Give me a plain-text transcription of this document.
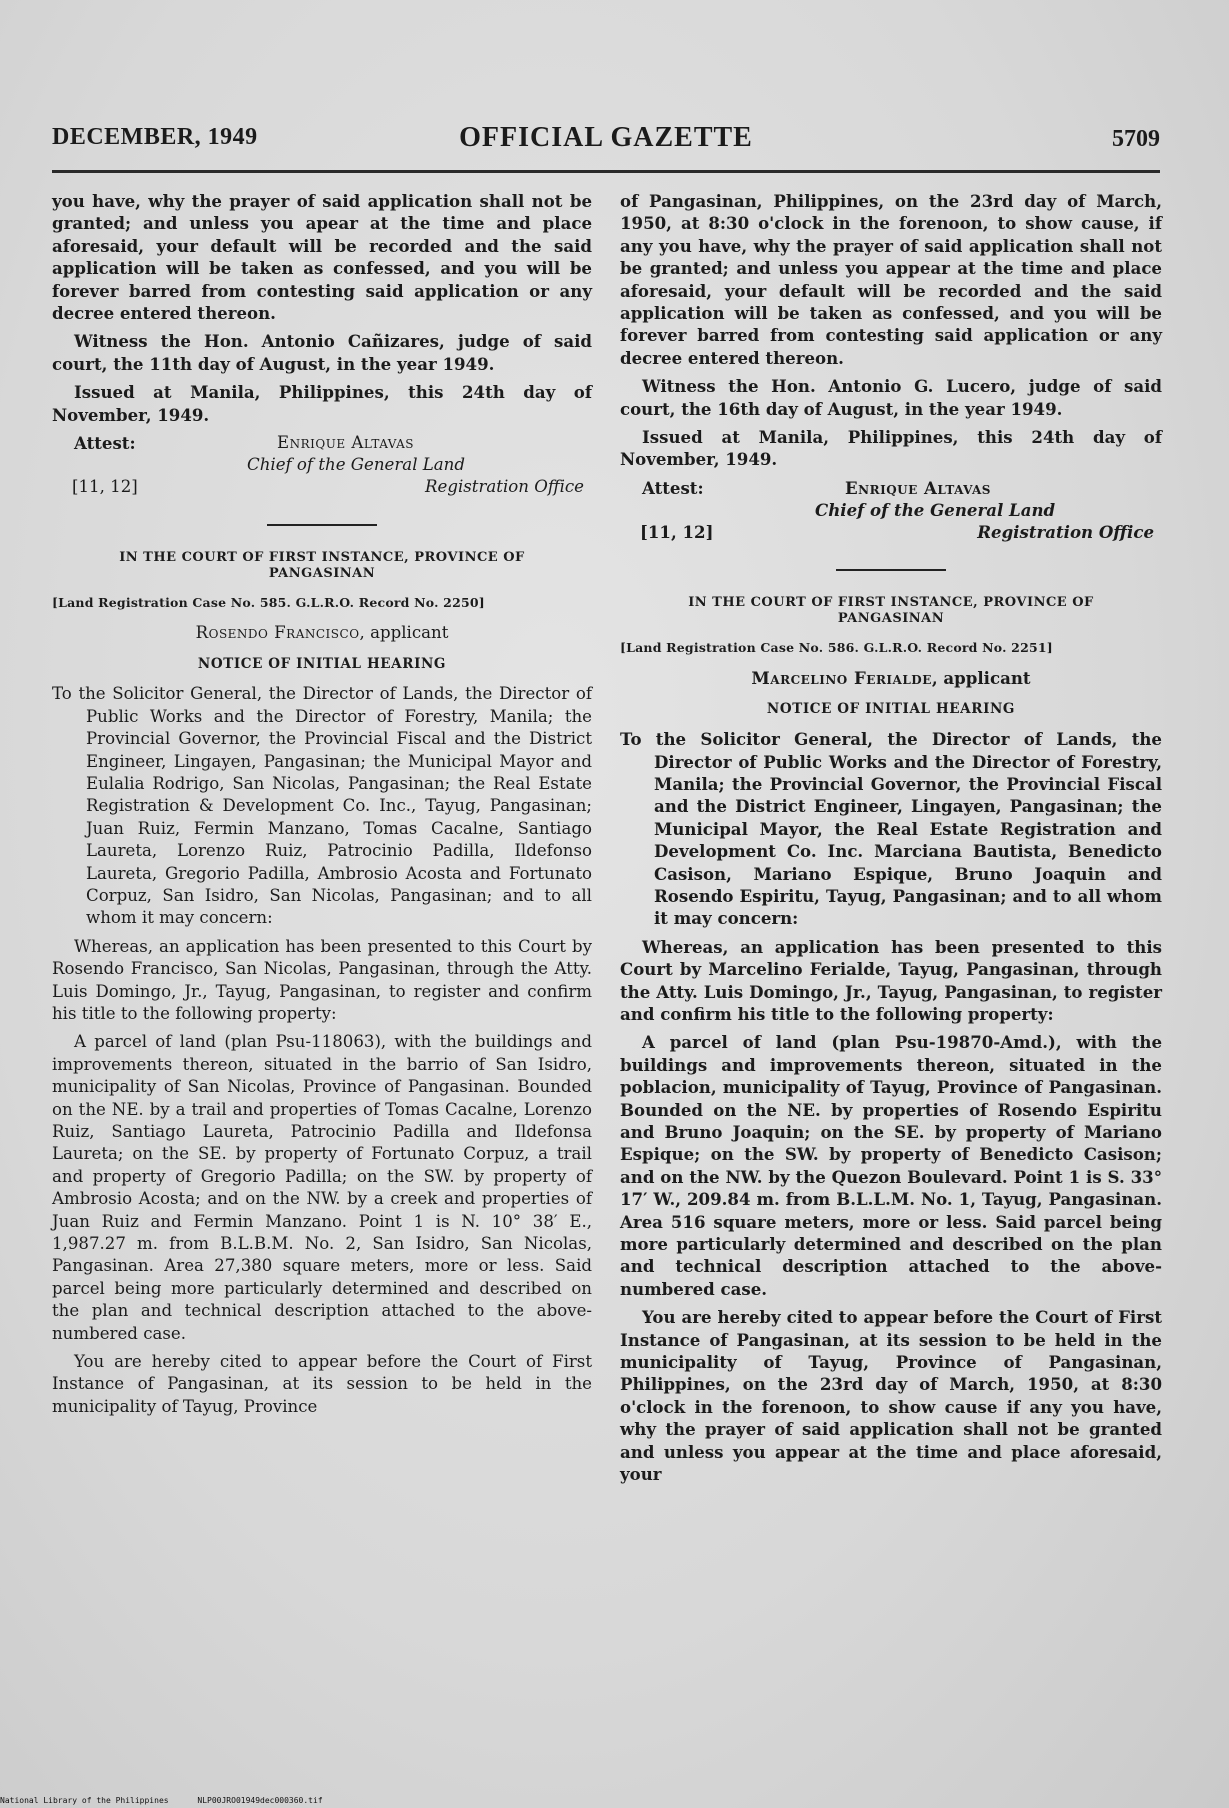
DECEMBER, 1949	OFFICIAL GAZETTE	5709

you have, why the prayer of said application shall not be granted; and unless you apear at the time and place aforesaid, your default will be recorded and the said application will be taken as confessed, and you will be forever barred from contesting said application or any decree entered thereon.

Witness the Hon. Antonio Cañizares, judge of said court, the 11th day of August, in the year 1949.

Issued at Manila, Philippines, this 24th day of November, 1949.

Attest:	Enrique Altavas
Chief of the General Land
[11, 12]	Registration Office
IN THE COURT OF FIRST INSTANCE, PROVINCE OF PANGASINAN
[Land Registration Case No. 585. G.L.R.O. Record No. 2250]
Rosendo Francisco, applicant
NOTICE OF INITIAL HEARING

To the Solicitor General, the Director of Lands, the Director of Public Works and the Director of Forestry, Manila; the Provincial Governor, the Provincial Fiscal and the District Engineer, Lingayen, Pangasinan; the Municipal Mayor and Eulalia Rodrigo, San Nicolas, Pangasinan; the Real Estate Registration & Development Co. Inc., Tayug, Pangasinan; Juan Ruiz, Fermin Manzano, Tomas Cacalne, Santiago Laureta, Lorenzo Ruiz, Patrocinio Padilla, Ildefonso Laureta, Gregorio Padilla, Ambrosio Acosta and Fortunato Corpuz, San Isidro, San Nicolas, Pangasinan; and to all whom it may concern:

Whereas, an application has been presented to this Court by Rosendo Francisco, San Nicolas, Pangasinan, through the Atty. Luis Domingo, Jr., Tayug, Pangasinan, to register and confirm his title to the following property:

A parcel of land (plan Psu-118063), with the buildings and improvements thereon, situated in the barrio of San Isidro, municipality of San Nicolas, Province of Pangasinan. Bounded on the NE. by a trail and properties of Tomas Cacalne, Lorenzo Ruiz, Santiago Laureta, Patrocinio Padilla and Ildefonsa Laureta; on the SE. by property of Fortunato Corpuz, a trail and property of Gregorio Padilla; on the SW. by property of Ambrosio Acosta; and on the NW. by a creek and properties of Juan Ruiz and Fermin Manzano. Point 1 is N. 10° 38′ E., 1,987.27 m. from B.L.B.M. No. 2, San Isidro, San Nicolas, Pangasinan. Area 27,380 square meters, more or less. Said parcel being more particularly determined and described on the plan and technical description attached to the above-numbered case.

You are hereby cited to appear before the Court of First Instance of Pangasinan, at its session to be held in the municipality of Tayug, Province

of Pangasinan, Philippines, on the 23rd day of March, 1950, at 8:30 o'clock in the forenoon, to show cause, if any you have, why the prayer of said application shall not be granted; and unless you appear at the time and place aforesaid, your default will be recorded and the said application will be taken as confessed, and you will be forever barred from contesting said application or any decree entered thereon.

Witness the Hon. Antonio G. Lucero, judge of said court, the 16th day of August, in the year 1949.

Issued at Manila, Philippines, this 24th day of November, 1949.

Attest:	Enrique Altavas
Chief of the General Land
[11, 12]	Registration Office
IN THE COURT OF FIRST INSTANCE, PROVINCE OF PANGASINAN
[Land Registration Case No. 586. G.L.R.O. Record No. 2251]
Marcelino Ferialde, applicant
NOTICE OF INITIAL HEARING

To the Solicitor General, the Director of Lands, the Director of Public Works and the Director of Forestry, Manila; the Provincial Governor, the Provincial Fiscal and the District Engineer, Lingayen, Pangasinan; the Municipal Mayor, the Real Estate Registration and Development Co. Inc. Marciana Bautista, Benedicto Casison, Mariano Espique, Bruno Joaquin and Rosendo Espiritu, Tayug, Pangasinan; and to all whom it may concern:

Whereas, an application has been presented to this Court by Marcelino Ferialde, Tayug, Pangasinan, through the Atty. Luis Domingo, Jr., Tayug, Pangasinan, to register and confirm his title to the following property:

A parcel of land (plan Psu-19870-Amd.), with the buildings and improvements thereon, situated in the poblacion, municipality of Tayug, Province of Pangasinan. Bounded on the NE. by properties of Rosendo Espiritu and Bruno Joaquin; on the SE. by property of Mariano Espique; on the SW. by property of Benedicto Casison; and on the NW. by the Quezon Boulevard. Point 1 is S. 33° 17′ W., 209.84 m. from B.L.L.M. No. 1, Tayug, Pangasinan. Area 516 square meters, more or less. Said parcel being more particularly determined and described on the plan and technical description attached to the above-numbered case.

You are hereby cited to appear before the Court of First Instance of Pangasinan, at its session to be held in the municipality of Tayug, Province of Pangasinan, Philippines, on the 23rd day of March, 1950, at 8:30 o'clock in the forenoon, to show cause if any you have, why the prayer of said application shall not be granted and unless you appear at the time and place aforesaid, your

National Library of the Philippines	NLP00JRO01949dec000360.tif
